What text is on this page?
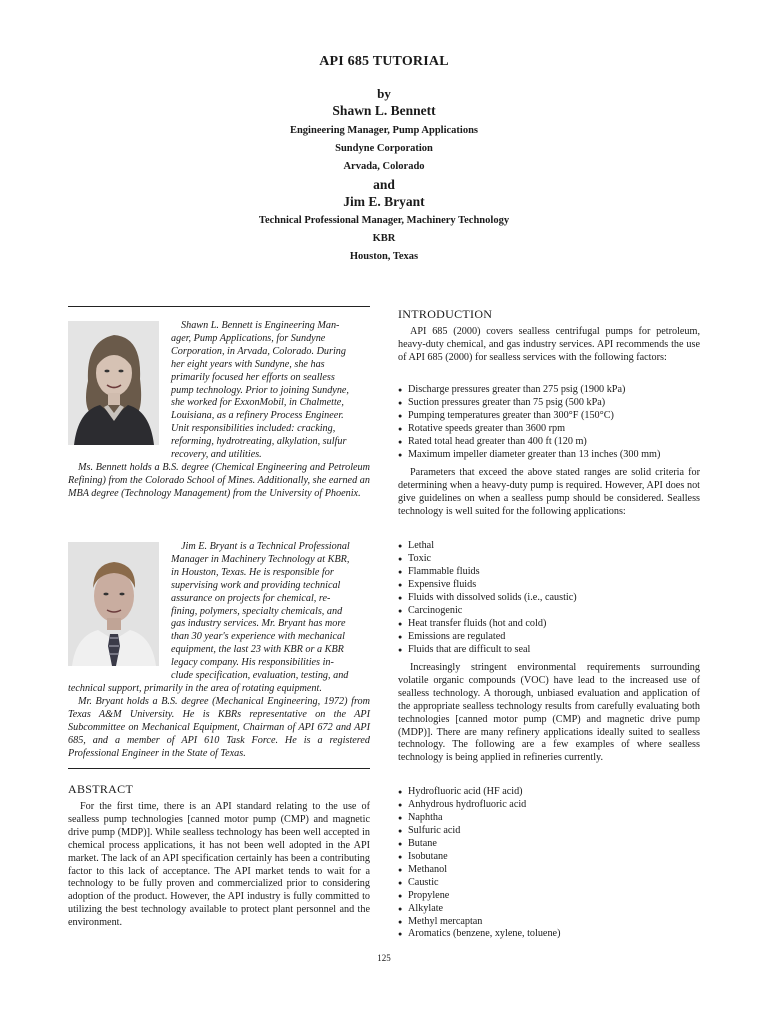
API 685 TUTORIAL
by
Shawn L. Bennett
Engineering Manager, Pump Applications
Sundyne Corporation
Arvada, Colorado
and
Jim E. Bryant
Technical Professional Manager, Machinery Technology
KBR
Houston, Texas

Shawn L. Bennett is Engineering Man-

ager, Pump Applications, for Sundyne

Corporation, in Arvada, Colorado. During

her eight years with Sundyne, she has

primarily focused her efforts on sealless

pump technology. Prior to joining Sundyne,

she worked for ExxonMobil, in Chalmette,

Louisiana, as a refinery Process Engineer.

Unit responsibilities included: cracking,

reforming, hydrotreating, alkylation, sulfur

recovery, and utilities.

Ms. Bennett holds a B.S. degree (Chemical Engineering and Petroleum Refining) from the Colorado School of Mines. Additionally, she earned an MBA degree (Technology Management) from the University of Phoenix.

Jim E. Bryant is a Technical Professional

Manager in Machinery Technology at KBR,

in Houston, Texas. He is responsible for

supervising work and providing technical

assurance on projects for chemical, re-

fining, polymers, specialty chemicals, and

gas industry services. Mr. Bryant has more

than 30 year's experience with mechanical

equipment, the last 23 with KBR or a KBR

legacy company. His responsibilities in-

clude specification, evaluation, testing, and

technical support, primarily in the area of rotating equipment.

Mr. Bryant holds a B.S. degree (Mechanical Engineering, 1972) from Texas A&M University. He is KBRs representative on the API Subcommittee on Mechanical Equipment, Chairman of API 672 and API 685, and a member of API 610 Task Force. He is a registered Professional Engineer in the State of Texas.

ABSTRACT

For the first time, there is an API standard relating to the use of sealless pump technologies [canned motor pump (CMP) and magnetic drive pump (MDP)]. While sealless technology has been well accepted in chemical process applications, it has not been well adopted in the API market. The lack of an API specification certainly has been a contributing factor to this lack of acceptance. The API market tends to wait for a technology to be fully proven and commercialized prior to considering adoption of the product. However, the API industry is fully committed to utilizing the best technology available to protect plant personnel and the environment.

INTRODUCTION

API 685 (2000) covers sealless centrifugal pumps for petroleum, heavy-duty chemical, and gas industry services. API recommends the use of API 685 (2000) for sealless services with the following factors:

● Discharge pressures greater than 275 psig (1900 kPa)
● Suction pressures greater than 75 psig (500 kPa)
● Pumping temperatures greater than 300°F (150°C)
● Rotative speeds greater than 3600 rpm
● Rated total head greater than 400 ft (120 m)
● Maximum impeller diameter greater than 13 inches (300 mm)

Parameters that exceed the above stated ranges are solid criteria for determining when a heavy-duty pump is required. However, API does not give guidelines on when a sealless pump should be considered. Sealless technology is well suited for the following applications:

● Lethal
● Toxic
● Flammable fluids
● Expensive fluids
● Fluids with dissolved solids (i.e., caustic)
● Carcinogenic
● Heat transfer fluids (hot and cold)
● Emissions are regulated
● Fluids that are difficult to seal

Increasingly stringent environmental requirements surrounding volatile organic compounds (VOC) have lead to the increased use of sealless technology. A thorough, unbiased evaluation and application of the appropriate sealless technology results from carefully evaluating both technologies [canned motor pump (CMP) and magnetic drive pump (MDP)]. There are many refinery applications ideally suited to sealless technology. The following are a few examples of where sealless technology is being applied in refineries currently.

● Hydrofluoric acid (HF acid)
● Anhydrous hydrofluoric acid
● Naphtha
● Sulfuric acid
● Butane
● Isobutane
● Methanol
● Caustic
● Propylene
● Alkylate
● Methyl mercaptan
● Aromatics (benzene, xylene, toluene)
125
